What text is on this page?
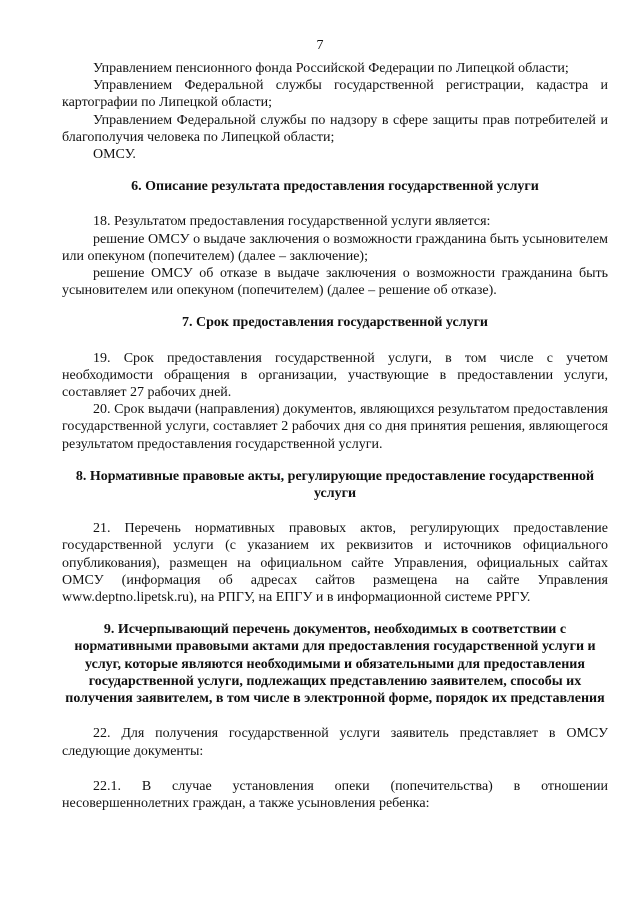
7

Управлением пенсионного фонда Российской Федерации по Липецкой области;

Управлением Федеральной службы государственной регистрации, кадастра и картографии по Липецкой области;

Управлением Федеральной службы по надзору в сфере защиты прав потребителей и благополучия человека по Липецкой области;

ОМСУ.

6. Описание результата предоставления государственной услуги

18. Результатом предоставления государственной услуги является:

решение ОМСУ о выдаче заключения о возможности гражданина быть усыновителем или опекуном (попечителем) (далее – заключение);

решение ОМСУ об отказе в выдаче заключения о возможности гражданина быть усыновителем или опекуном (попечителем) (далее – решение об отказе).

7. Срок предоставления государственной услуги

19. Срок предоставления государственной услуги, в том числе с учетом необходимости обращения в организации, участвующие в предоставлении услуги, составляет 27 рабочих дней.

20. Срок выдачи (направления) документов, являющихся результатом предоставления государственной услуги, составляет 2 рабочих дня со дня принятия решения, являющегося результатом предоставления государственной услуги.

8. Нормативные правовые акты, регулирующие предоставление государственной услуги

21. Перечень нормативных правовых актов, регулирующих предоставление государственной услуги (с указанием их реквизитов и источников официального опубликования), размещен на официальном сайте Управления, официальных сайтах ОМСУ (информация об адресах сайтов размещена на сайте Управления www.deptno.lipetsk.ru), на РПГУ, на ЕПГУ и в информационной системе РРГУ.

9. Исчерпывающий перечень документов, необходимых в соответствии с нормативными правовыми актами для предоставления государственной услуги и услуг, которые являются необходимыми и обязательными для предоставления государственной услуги, подлежащих представлению заявителем, способы их получения заявителем, в том числе в электронной форме, порядок их представления

22. Для получения государственной услуги заявитель представляет в ОМСУ следующие документы:

22.1. В случае установления опеки (попечительства) в отношении несовершеннолетних граждан, а также усыновления ребенка:
